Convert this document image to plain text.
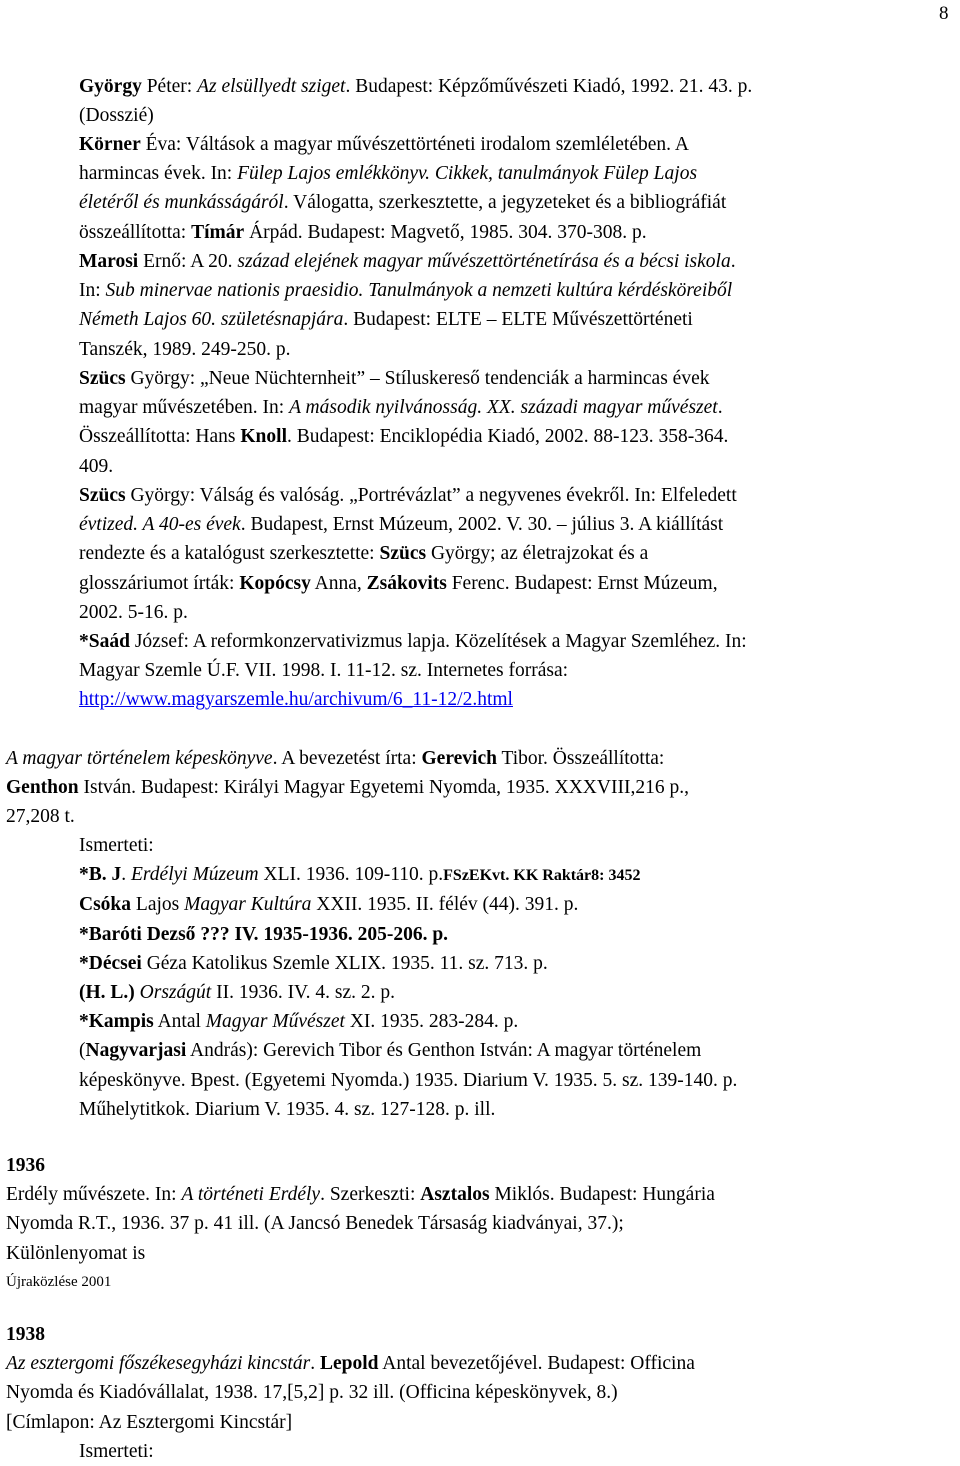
8
György Péter: Az elsüllyedt sziget. Budapest: Képzőművészeti Kiadó, 1992. 21. 43. p.
(Dosszié)
Körner Éva: Váltások a magyar művészettörténeti irodalom szemléletében. A
harmincas évek. In: Fülep Lajos emlékkönyv. Cikkek, tanulmányok Fülep Lajos
életéről és munkásságáról. Válogatta, szerkesztette, a jegyzeteket és a bibliográfiát
összeállította: Tímár Árpád. Budapest: Magvető, 1985. 304. 370-308. p.
Marosi Ernő: A 20. század elejének magyar művészettörténetírása és a bécsi iskola.
In: Sub minervae nationis praesidio. Tanulmányok a nemzeti kultúra kérdésköreiből
Németh Lajos 60. születésnapjára. Budapest: ELTE – ELTE Művészettörténeti
Tanszék, 1989. 249-250. p.
Szücs György: „Neue Nüchternheit” – Stíluskereső tendenciák a harmincas évek
magyar művészetében. In: A második nyilvánosság. XX. századi magyar művészet.
Összeállította: Hans Knoll. Budapest: Enciklopédia Kiadó, 2002. 88-123. 358-364.
409.
Szücs György: Válság és valóság. „Portrévázlat” a negyvenes évekről. In: Elfeledett
évtized. A 40-es évek. Budapest, Ernst Múzeum, 2002. V. 30. – július 3. A kiállítást
rendezte és a katalógust szerkesztette: Szücs György; az életrajzokat és a
glosszáriumot írták: Kopócsy Anna, Zsákovits Ferenc. Budapest: Ernst Múzeum,
2002. 5-16. p.
*Saád József: A reformkonzervativizmus lapja. Közelítések a Magyar Szemléhez. In:
Magyar Szemle Ú.F. VII. 1998. I. 11-12. sz. Internetes forrása:
http://www.magyarszemle.hu/archivum/6_11-12/2.html
A magyar történelem képeskönyve. A bevezetést írta: Gerevich Tibor. Összeállította:
Genthon István. Budapest: Királyi Magyar Egyetemi Nyomda, 1935. XXXVIII,216 p.,
27,208 t.
Ismerteti:
*B. J. Erdélyi Múzeum XLI. 1936. 109-110. p.FSzEKvt. KK Raktár8: 3452
Csóka Lajos Magyar Kultúra XXII. 1935. II. félév (44). 391. p.
*Baróti Dezső ??? IV. 1935-1936. 205-206. p.
*Décsei Géza Katolikus Szemle XLIX. 1935. 11. sz. 713. p.
(H. L.) Országút II. 1936. IV. 4. sz. 2. p.
*Kampis Antal Magyar Művészet XI. 1935. 283-284. p.
(Nagyvarjasi András): Gerevich Tibor és Genthon István: A magyar történelem
képeskönyve. Bpest. (Egyetemi Nyomda.) 1935. Diarium V. 1935. 5. sz. 139-140. p.
Műhelytitkok. Diarium V. 1935. 4. sz. 127-128. p. ill.
1936
Erdély művészete. In: A történeti Erdély. Szerkeszti: Asztalos Miklós. Budapest: Hungária
Nyomda R.T., 1936. 37 p. 41 ill. (A Jancsó Benedek Társaság kiadványai, 37.);
Különlenyomat is
Újraközlése 2001
1938
Az esztergomi főszékesegyházi kincstár. Lepold Antal bevezetőjével. Budapest: Officina
Nyomda és Kiadóvállalat, 1938. 17,[5,2] p. 32 ill. (Officina képeskönyvek, 8.)
[Címlapon: Az Esztergomi Kincstár]
Ismerteti:
